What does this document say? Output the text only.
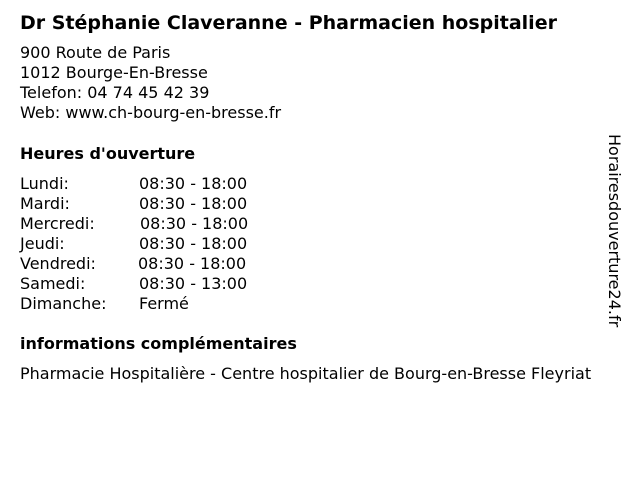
Dr Stéphanie Claveranne - Pharmacien hospitalier
900 Route de Paris
1012 Bourge-En-Bresse
Telefon: 04 74 45 42 39
Web: www.ch-bourg-en-bresse.fr
Heures d'ouverture
Lundi:	08:30 - 18:00
Mardi:	08:30 - 18:00
Mercredi:	08:30 - 18:00
Jeudi:	08:30 - 18:00
Vendredi:	08:30 - 18:00
Samedi:	08:30 - 13:00
Dimanche: Fermé
informations complémentaires
Pharmacie Hospitalière - Centre hospitalier de Bourg-en-Bresse Fleyriat
Horairesdouverture24.fr
